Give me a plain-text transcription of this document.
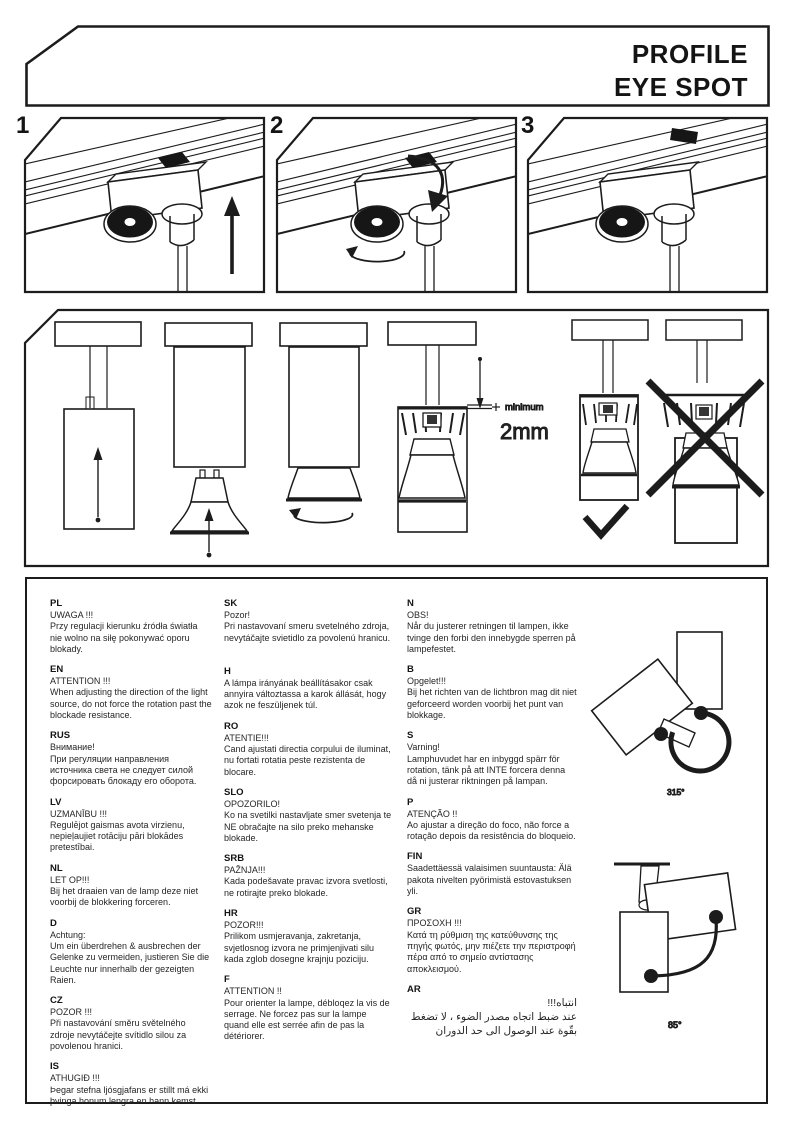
PROFILE
EYE SPOT
1	2	3
minimum
2mm
PL
UWAGA !!!
Przy regulacji kierunku źródła światła nie wolno na siłę pokonywać oporu blokady.
EN
ATTENTION !!!
When adjusting the direction of the light source, do not force the rotation past the blockade resistance.
RUS
Внимание!
При регуляции направления источника света не следует силой форсировать блокаду его оборота.
LV
UZMANĪBU !!!
Regulējot gaismas avota virzienu, nepieļaujiet rotāciju pāri blokādes pretestībai.
NL
LET OP!!!
Bij het draaien van de lamp deze niet voorbij de blokkering forceren.
D
Achtung:
Um ein überdrehen & ausbrechen der Gelenke zu vermeiden, justieren Sie die Leuchte nur innerhalb der gezeigten Raien.
CZ
POZOR !!!
Při nastavování směru světelného zdroje nevytáčejte svítidlo silou za povolenou hranici.
IS
ATHUGIÐ !!!
Þegar stefna ljósgjafans er stillt má ekki þvinga honum lengra en hann kemst.
SK
Pozor!
Pri nastavovaní smeru svetelného zdroja, nevytáčajte svietidlo za povolenú hranicu.
H
A lámpa irányának beállításakor csak annyira változtassa a karok állását, hogy azok ne feszüljenek túl.
RO
ATENTIE!!!
Cand ajustati directia corpului de iluminat, nu fortati rotatia peste rezistenta de blocare.
SLO
OPOZORILO!
Ko na svetilki nastavljate smer svetenja te NE obračajte na silo preko mehanske blokade.
SRB
PAŽNJA!!!
Kada podešavate pravac izvora svetlosti, ne rotirajte preko blokade.
HR
POZOR!!!
Prilikom usmjeravanja, zakretanja, svjetlosnog izvora ne primjenjivati silu kada zglob dosegne krajnju poziciju.
F
ATTENTION !!
Pour orienter la lampe, débloqez la vis de serrage. Ne forcez pas sur la lampe quand elle est serrée afin de pas la détériorer.
N
OBS!
Når du justerer retningen til lampen, ikke tvinge den forbi den innebygde sperren på lampefestet.
B
Opgelet!!!
Bij het richten van de lichtbron mag dit niet geforceerd worden voorbij het punt van blokkage.
S
Varning!
Lamphuvudet har en inbyggd spärr för rotation, tänk på att INTE forcera denna då ni justerar riktningen på lampan.
P
ATENÇÃO !!
Ao ajustar a direção do foco, não force a rotação depois da resistência do bloqueio.
FIN
Saadettäessä valaisimen suuntausta: Älä pakota nivelten pyörimistä estovastuksen yli.
GR
ΠΡΟΣΟΧΗ !!!
Κατά τη ρύθμιση της κατεύθυνσης της πηγής φωτός, μην πιέζετε την περιστροφή πέρα από το σημείο αντίστασης αποκλεισμού.
AR
انتباه!!!
عند ضبط اتجاه مصدر الضوء ، لا تضغط بقّوة عند الوصول الى حد الدوران
315°
85°
